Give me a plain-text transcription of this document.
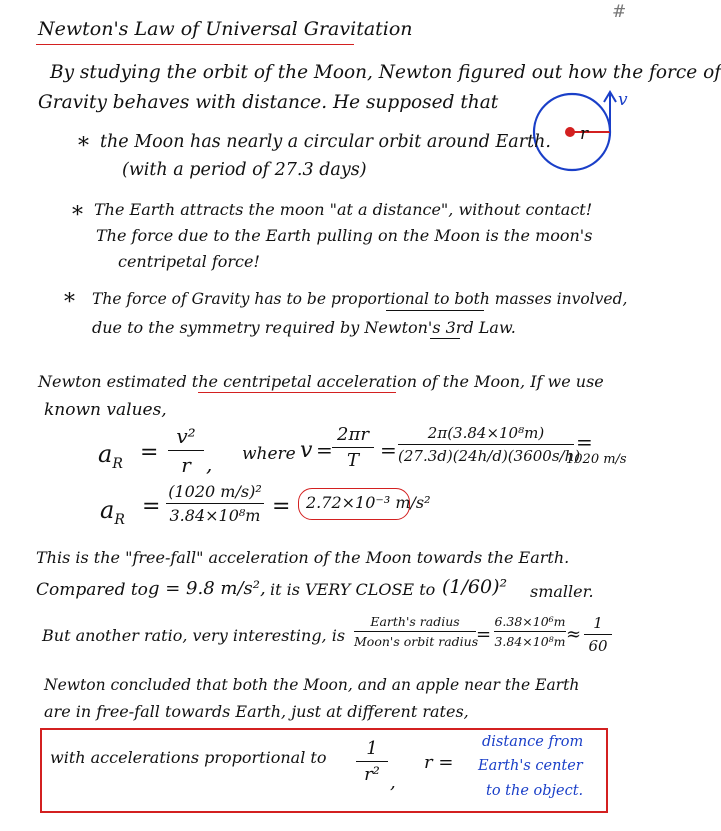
#
Newton's Law of Universal Gravitation
By studying the orbit of the Moon, Newton figured out how the force of
Gravity behaves with distance. He supposed that	v
r
* the Moon has nearly a circular orbit around Earth.
(with a period of 27.3 days)
* The Earth attracts the moon "at a distance", without contact!
The force due to the Earth pulling on the Moon is the moon's
centripetal force!
* The force of Gravity has to be proportional to both masses involved,
due to the symmetry required by Newton's 3rd Law.
Newton estimated the centripetal acceleration of the Moon, If we use
known values,
$a_R$ =
v²
r , where v =
2πr
T	=
2π(3.84×10⁸m)
(27.3d)(24h/d)(3600s/h)
$a_R$
=
(1020 m/s)²
3.84×10⁸m = 2.72×10⁻³ m/s²
=
This is the "free-fall" acceleration of the Moon towards the Earth.
Compared to g = 9.8 m/s², it is VERY CLOSE to (1/60)² smaller.
But another ratio, very interesting, is
Earth's radius
Moon's orbit radius
=
6.38×10⁶m
3.84×10⁸m ≈
1
60
Newton concluded that both the Moon, and an apple near the Earth
are in free-fall towards Earth, just at different rates,
with accelerations proportional to	1
r² ,
r =
distance from
Earth's center
to the object.
1020 m/s
